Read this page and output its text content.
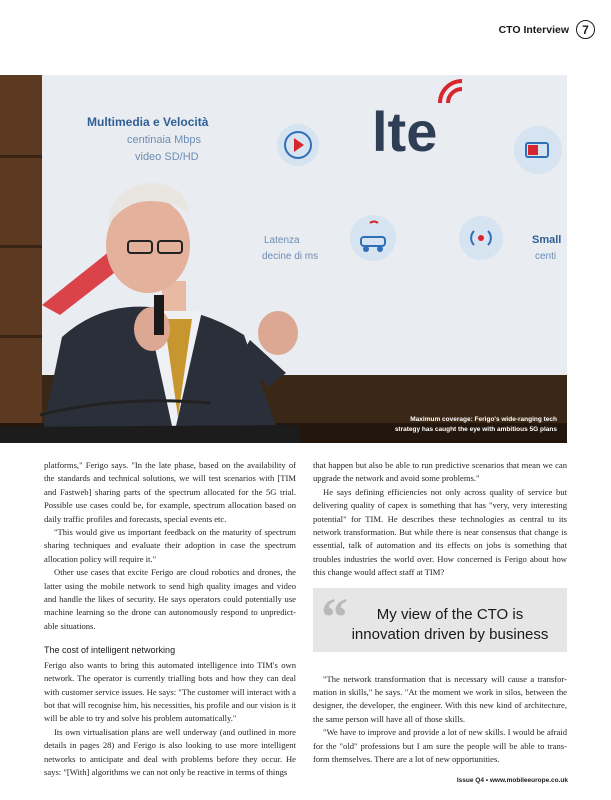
CTO Interview	7
Multimedia e Velocità
centinaia Mbps
video SD/HD	lte
Latenza
decine di ms
Small
centi
Maximum coverage: Ferigo's wide-ranging tech
strategy has caught the eye with ambitious 5G plans

platforms," Ferigo says. "In the late phase, based on the availability of the standards and technical solutions, we will test scenarios with [TIM and Fastweb] sharing parts of the spectrum allocated for the 5G trial. Possible use cases could be, for example, spectrum allocation based on daily traffic profiles and forecasts, special events etc.

"This would give us important feedback on the maturity of spectrum sharing techniques and evaluate their adoption in case the spectrum allocation policy will require it."

Other use cases that excite Ferigo are cloud robotics and drones, the latter using the mobile network to send high quality images and video and handle the likes of security. He says operators could potentially use machine learning so the drone can autonomously respond to unpredict-able situations.

The cost of intelligent networking

Ferigo also wants to bring this automated intelligence into TIM's own network. The operator is currently trialling bots and how they can deal with customer service issues. He says: "The customer will interact with a bot that will recognise him, his necessities, his profile and our vision is it will be able to try and solve his problem automatically."

Its own virtualisation plans are well underway (and outlined in more details in pages 28) and Ferigo is also looking to use more intelligent networks to anticipate and deal with problems before they occur. He says: "[With] algorithms we can not only be reactive in terms of things

that happen but also be able to run predictive scenarios that mean we can upgrade the network and avoid some problems."

He says defining efficiencies not only across quality of service but delivering quality of capex is something that has "very, very interesting potential" for TIM. He describes these technologies as central to its network transformation. But while there is near consensus that change is essential, talk of automation and its effects on jobs is something that troubles industries the world over. How concerned is Ferigo about how this change would affect staff at TIM?

“	My view of the CTO is innovation driven by business

"The network transformation that is necessary will cause a transfor-mation in skills," he says. "At the moment we work in silos, between the designer, the developer, the engineer. With this new kind of architecture, the same person will have all of those skills.

"We have to improve and provide a lot of new skills. I would be afraid for the "old" professions but I am sure the people will be able to trans-form themselves. There are a lot of new opportunities.

Issue Q4 • www.mobileeurope.co.uk
